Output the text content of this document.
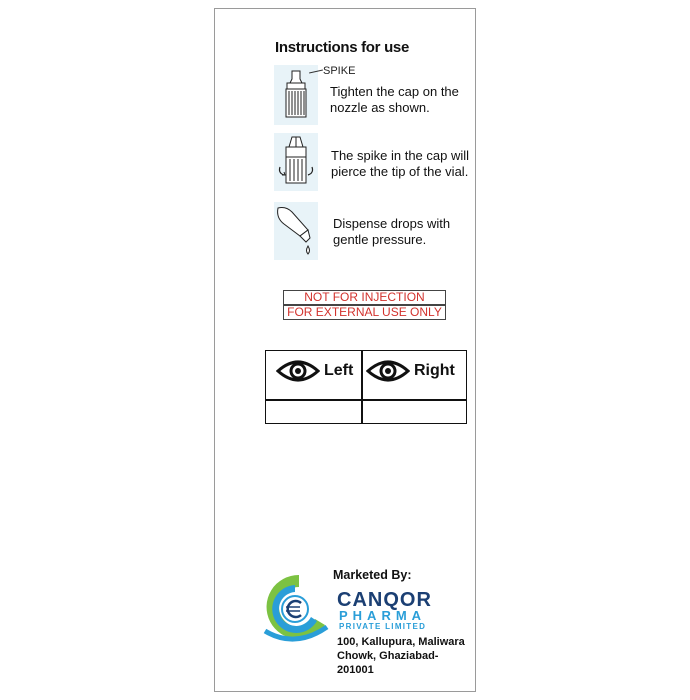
Instructions for use
SPIKE
Tighten the cap on the
nozzle as shown.
The spike in the cap will
pierce the tip of the vial.
Dispense drops with
gentle pressure.
NOT FOR INJECTION
FOR EXTERNAL USE ONLY
Left	Right
Marketed By:
CANQOR
PHARMA
PRIVATE LIMITED
100, Kallupura, Maliwara
Chowk, Ghaziabad-201001
